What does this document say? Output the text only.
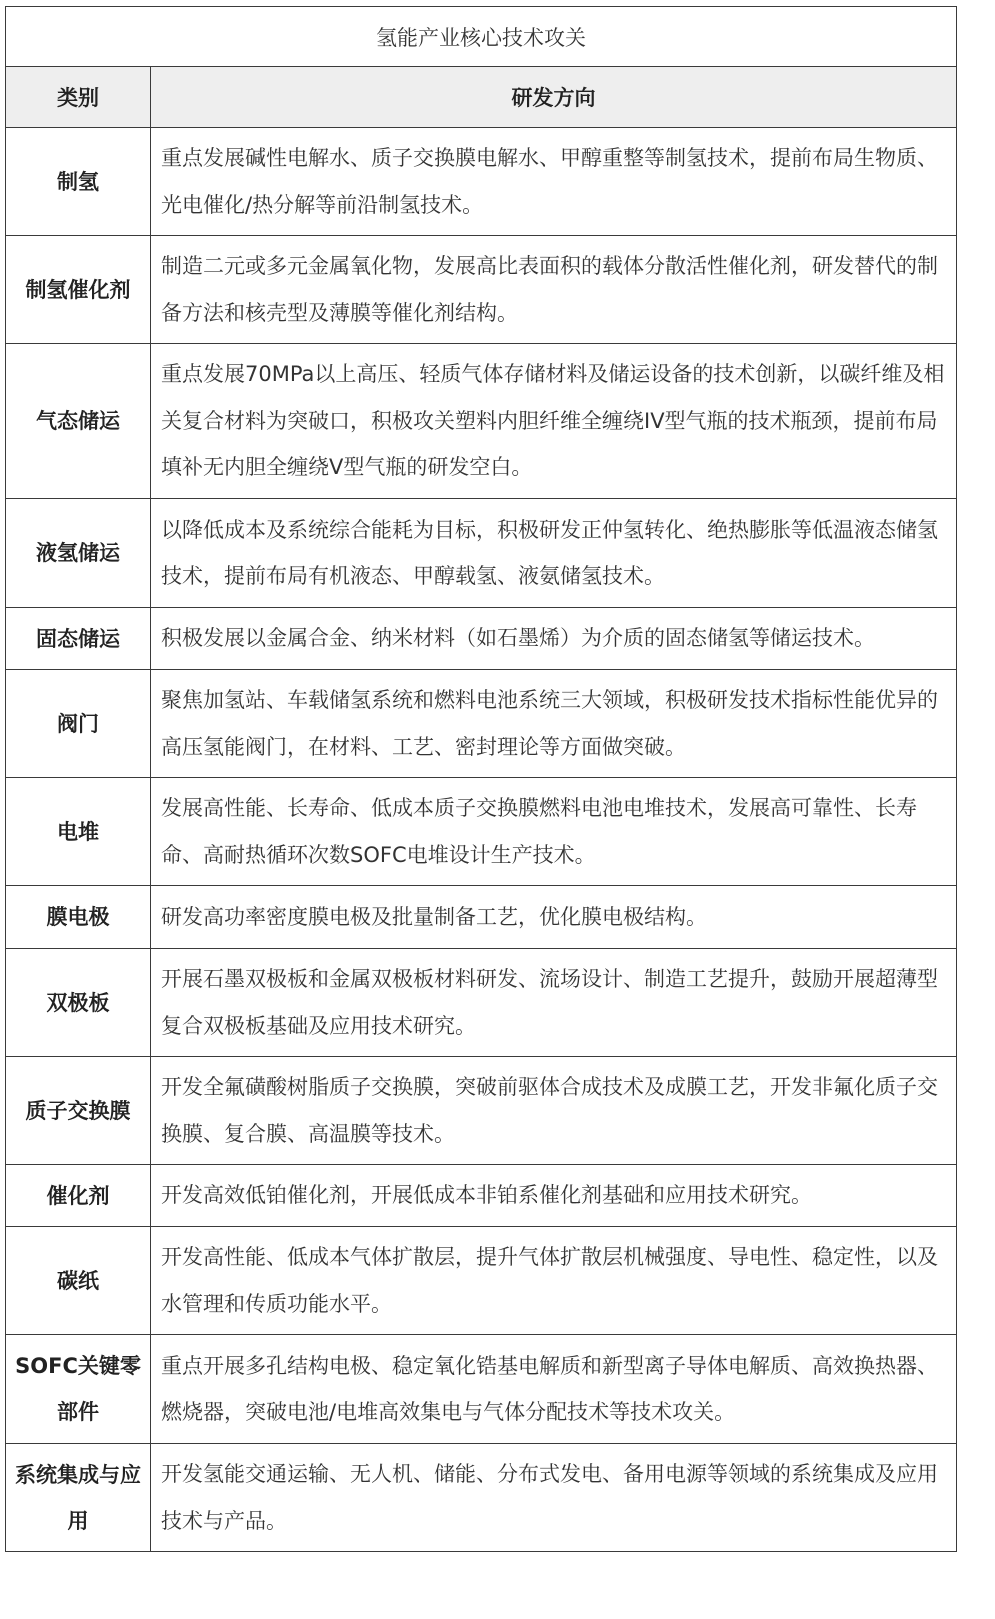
氢能产业核心技术攻关	
类别	研发方向
制氢	重点发展碱性电解水、质子交换膜电解水、甲醇重整等制氢技术，提前布局生物质、光电催化/热分解等前沿制氢技术。
制氢催化剂	制造二元或多元金属氧化物，发展高比表面积的载体分散活性催化剂，研发替代的制备方法和核壳型及薄膜等催化剂结构。
气态储运	重点发展70MPa以上高压、轻质气体存储材料及储运设备的技术创新，以碳纤维及相关复合材料为突破口，积极攻关塑料内胆纤维全缠绕IV型气瓶的技术瓶颈，提前布局填补无内胆全缠绕V型气瓶的研发空白。
液氢储运	以降低成本及系统综合能耗为目标，积极研发正仲氢转化、绝热膨胀等低温液态储氢技术，提前布局有机液态、甲醇载氢、液氨储氢技术。
固态储运	积极发展以金属合金、纳米材料（如石墨烯）为介质的固态储氢等储运技术。
阀门	聚焦加氢站、车载储氢系统和燃料电池系统三大领域，积极研发技术指标性能优异的高压氢能阀门，在材料、工艺、密封理论等方面做突破。
电堆	发展高性能、长寿命、低成本质子交换膜燃料电池电堆技术，发展高可靠性、长寿命、高耐热循环次数SOFC电堆设计生产技术。
膜电极	研发高功率密度膜电极及批量制备工艺，优化膜电极结构。
双极板	开展石墨双极板和金属双极板材料研发、流场设计、制造工艺提升，鼓励开展超薄型复合双极板基础及应用技术研究。
质子交换膜	开发全氟磺酸树脂质子交换膜，突破前驱体合成技术及成膜工艺，开发非氟化质子交换膜、复合膜、高温膜等技术。
催化剂	开发高效低铂催化剂，开展低成本非铂系催化剂基础和应用技术研究。
碳纸	开发高性能、低成本气体扩散层，提升气体扩散层机械强度、导电性、稳定性，以及水管理和传质功能水平。
SOFC关键零部件	重点开展多孔结构电极、稳定氧化锆基电解质和新型离子导体电解质、高效换热器、燃烧器，突破电池/电堆高效集电与气体分配技术等技术攻关。
系统集成与应用	开发氢能交通运输、无人机、储能、分布式发电、备用电源等领域的系统集成及应用技术与产品。
